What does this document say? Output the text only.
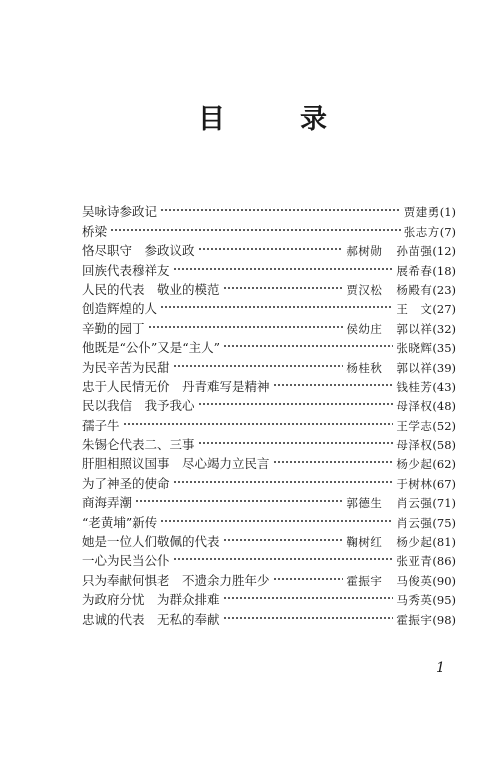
目	录
吴咏诗参政记	贾建勇 (1)
桥梁	张志方 (7)
恪尽职守　参政议政	郝树勋 孙苗强 (12)
回族代表穆祥友	展希春 (18)
人民的代表　敬业的模范	贾汉松 杨殿有 (23)
创造辉煌的人	王　文 (27)
辛勤的园丁	侯幼庄 郭以祥 (32)
他既是“公仆”又是“主人”	张晓辉 (35)
为民辛苦为民甜	杨桂秋 郭以祥 (39)
忠于人民情无价　丹青难写是精神	钱桂芳 (43)
民以我信　我予我心	母泽权 (48)
孺子牛	王学志 (52)
朱锡仑代表二、三事	母泽权 (58)
肝胆相照议国事　尽心竭力立民言	杨少起 (62)
为了神圣的使命	于树林 (67)
商海弄潮	郭德生 肖云强 (71)
“老黄埔”新传	肖云强 (75)
她是一位人们敬佩的代表	鞠树红 杨少起 (81)
一心为民当公仆	张亚青 (86)
只为奉献何惧老　不遗余力胜年少	霍振宇 马俊英 (90)
为政府分忧　为群众排难	马秀英 (95)
忠诚的代表　无私的奉献	霍振宇 (98)
1
